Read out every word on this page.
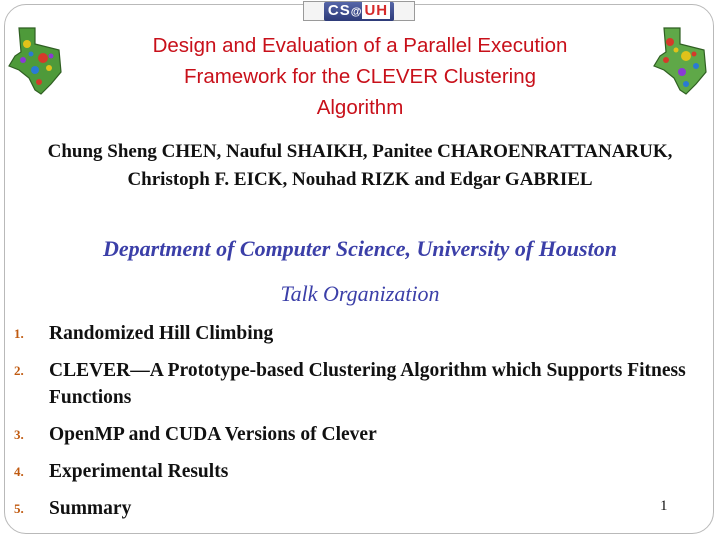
CS@ UH
Design and Evaluation of a Parallel Execution Framework for the CLEVER Clustering Algorithm
Chung Sheng CHEN, Nauful SHAIKH, Panitee CHAROENRATTANARUK, Christoph F. EICK, Nouhad RIZK and Edgar GABRIEL
Department of Computer Science, University of Houston
Talk Organization
1.	Randomized Hill Climbing
2.	CLEVER—A Prototype-based Clustering Algorithm which Supports Fitness Functions
3.	OpenMP and CUDA Versions of Clever
4.	Experimental Results
5.	Summary	1
